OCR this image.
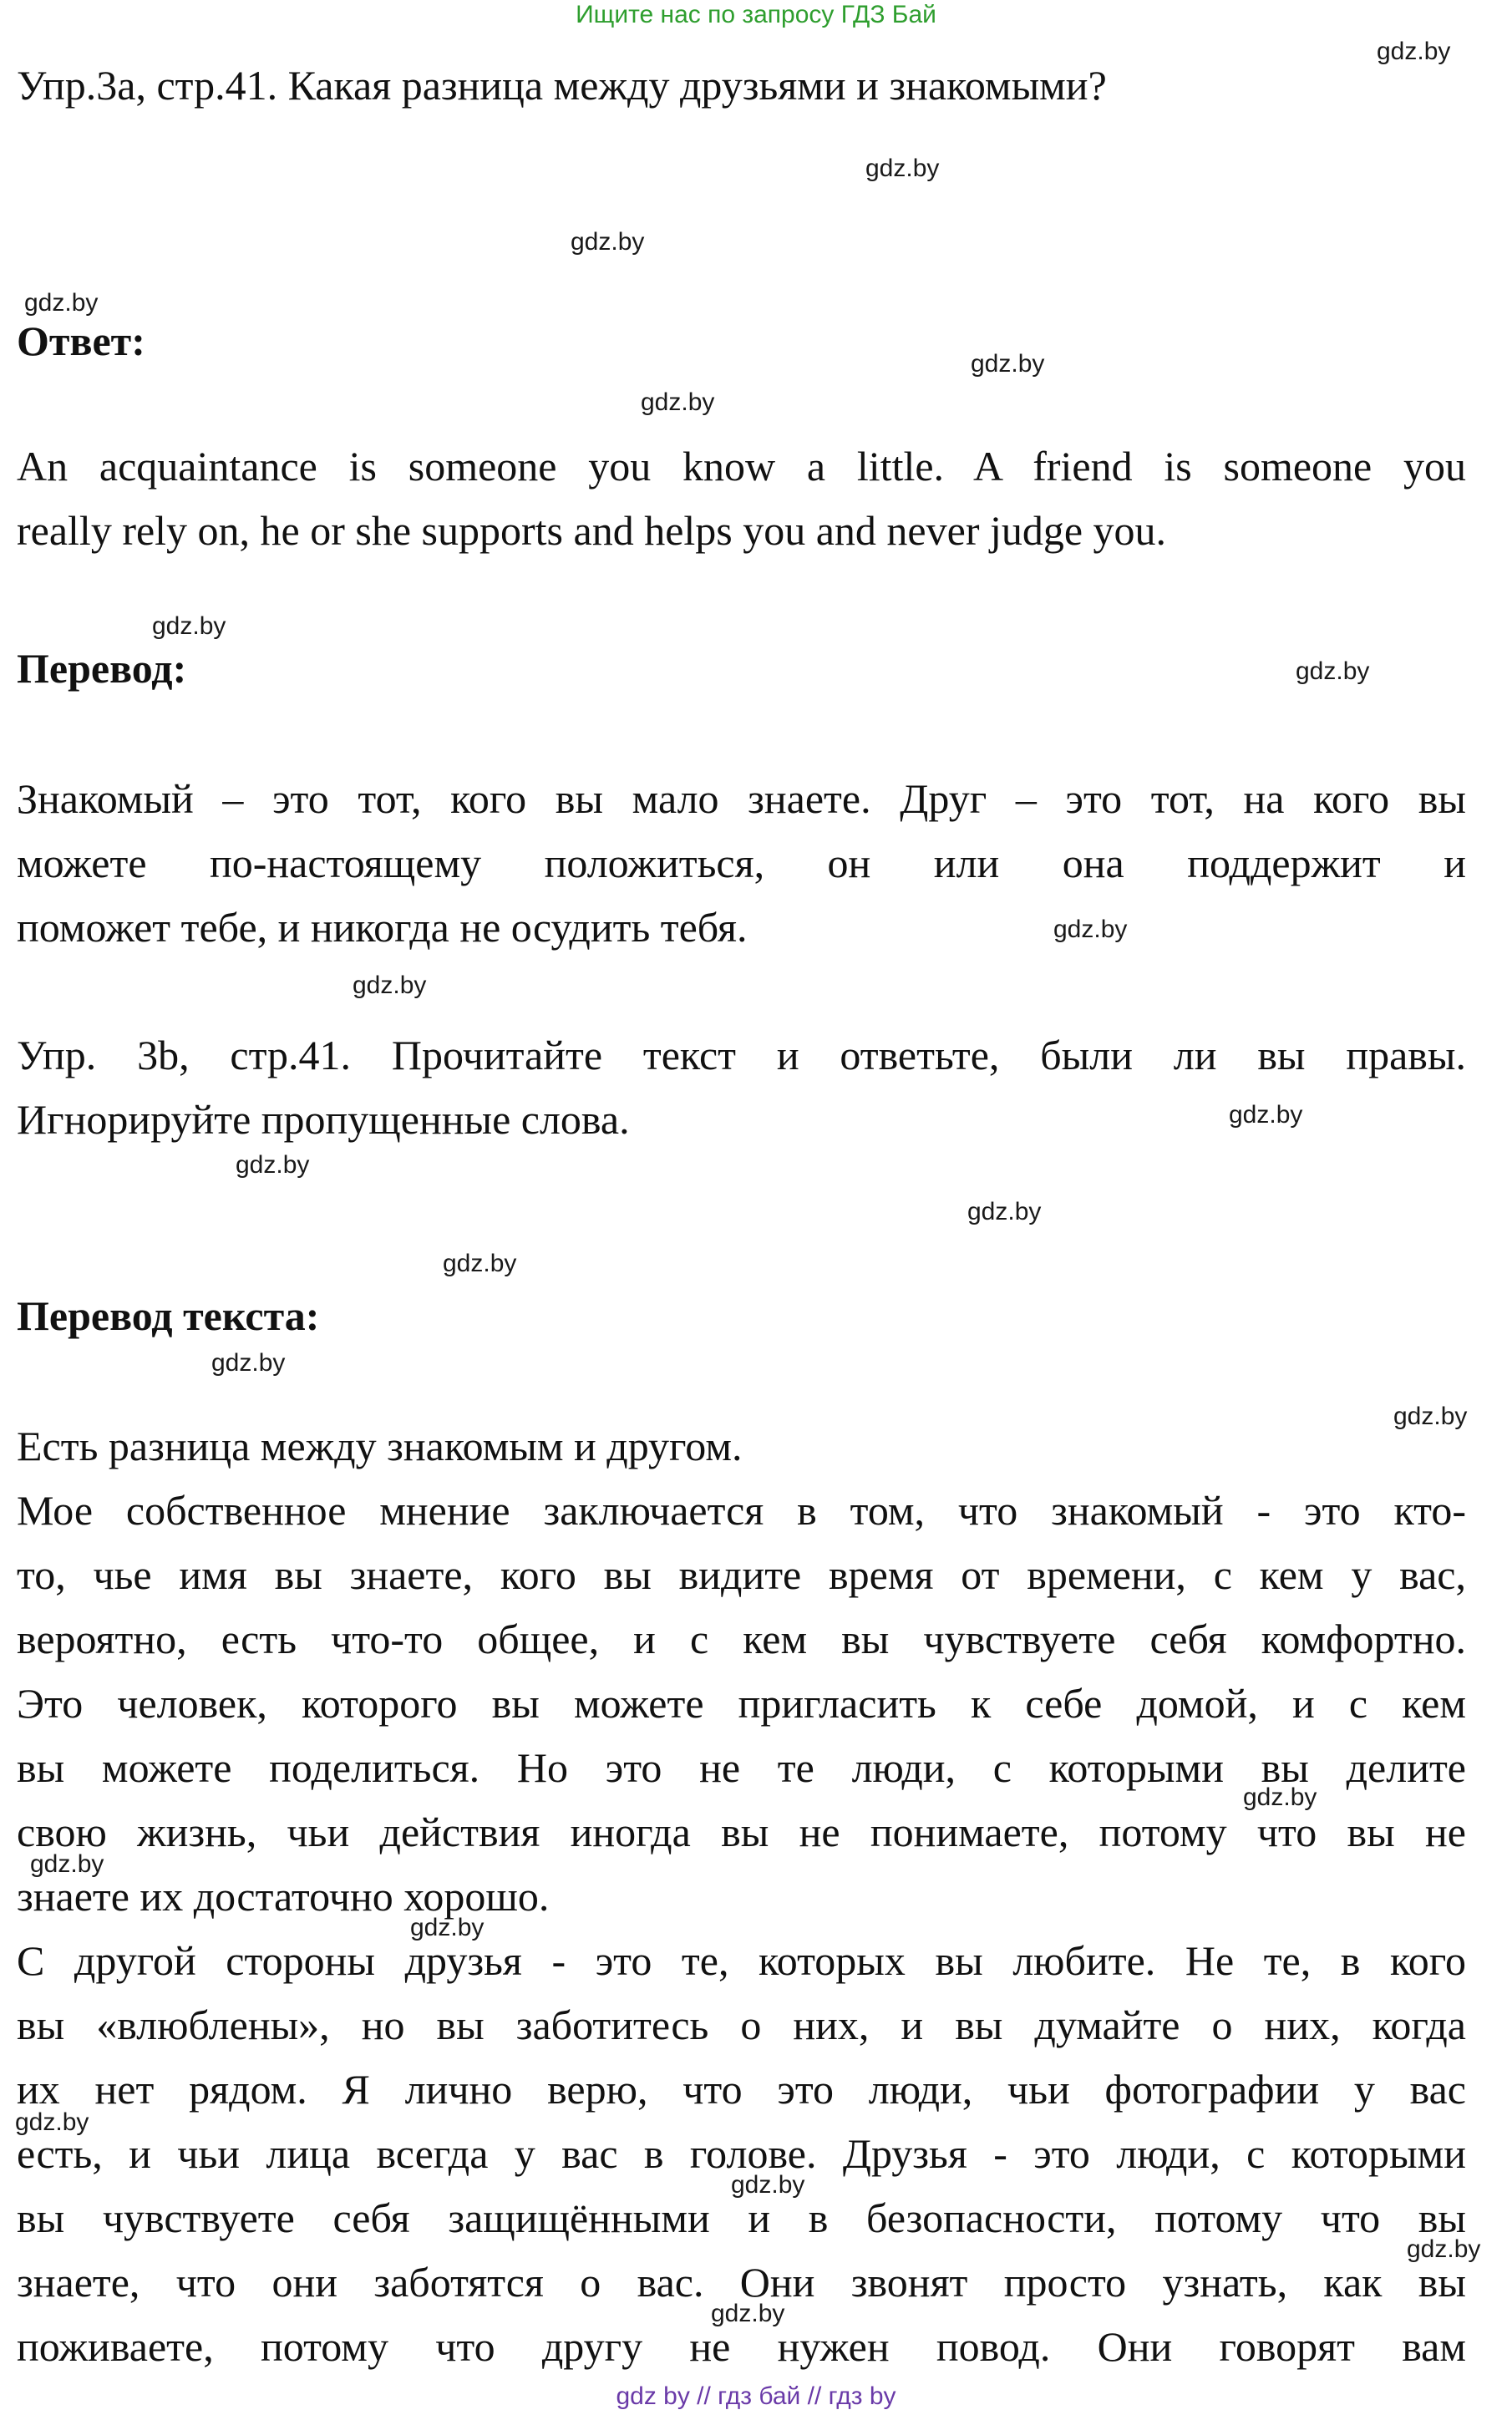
Ищите нас по запросу ГДЗ Бай
Упр.3а, стр.41. Какая разница между друзьями и знакомыми?
Ответ:
An acquaintance is someone you know a little. A friend is someone you
really rely on, he or she supports and helps you and never judge you.
Перевод:
Знакомый – это тот, кого вы мало знаете. Друг – это тот, на кого вы
можете по-настоящему положиться, он или она поддержит и
поможет тебе, и никогда не осудить тебя.
Упр. 3b, стр.41. Прочитайте текст и ответьте, были ли вы правы.
Игнорируйте пропущенные слова.
Перевод текста:
Есть разница между знакомым и другом.
Мое собственное мнение заключается в том, что знакомый - это кто-
то, чье имя вы знаете, кого вы видите время от времени, с кем у вас,
вероятно, есть что-то общее, и с кем вы чувствуете себя комфортно.
Это человек, которого вы можете пригласить к себе домой, и с кем
вы можете поделиться. Но это не те люди, с которыми вы делите
свою жизнь, чьи действия иногда вы не понимаете, потому что вы не
знаете их достаточно хорошо.
С другой стороны друзья - это те, которых вы любите. Не те, в кого
вы «влюблены», но вы заботитесь о них, и вы думайте о них, когда
их нет рядом. Я лично верю, что это люди, чьи фотографии у вас
есть, и чьи лица всегда у вас в голове. Друзья - это люди, с которыми
вы чувствуете себя защищёнными и в безопасности, потому что вы
знаете, что они заботятся о вас. Они звонят просто узнать, как вы
поживаете, потому что другу не нужен повод. Они говорят вам
gdz.by
gdz.by
gdz.by
gdz.by
gdz.by
gdz.by
gdz.by
gdz.by
gdz.by
gdz.by
gdz.by
gdz.by
gdz.by
gdz.by
gdz.by
gdz.by
gdz.by
gdz.by
gdz.by
gdz.by
gdz.by
gdz.by
gdz.by
gdz by // гдз бай // гдз by
